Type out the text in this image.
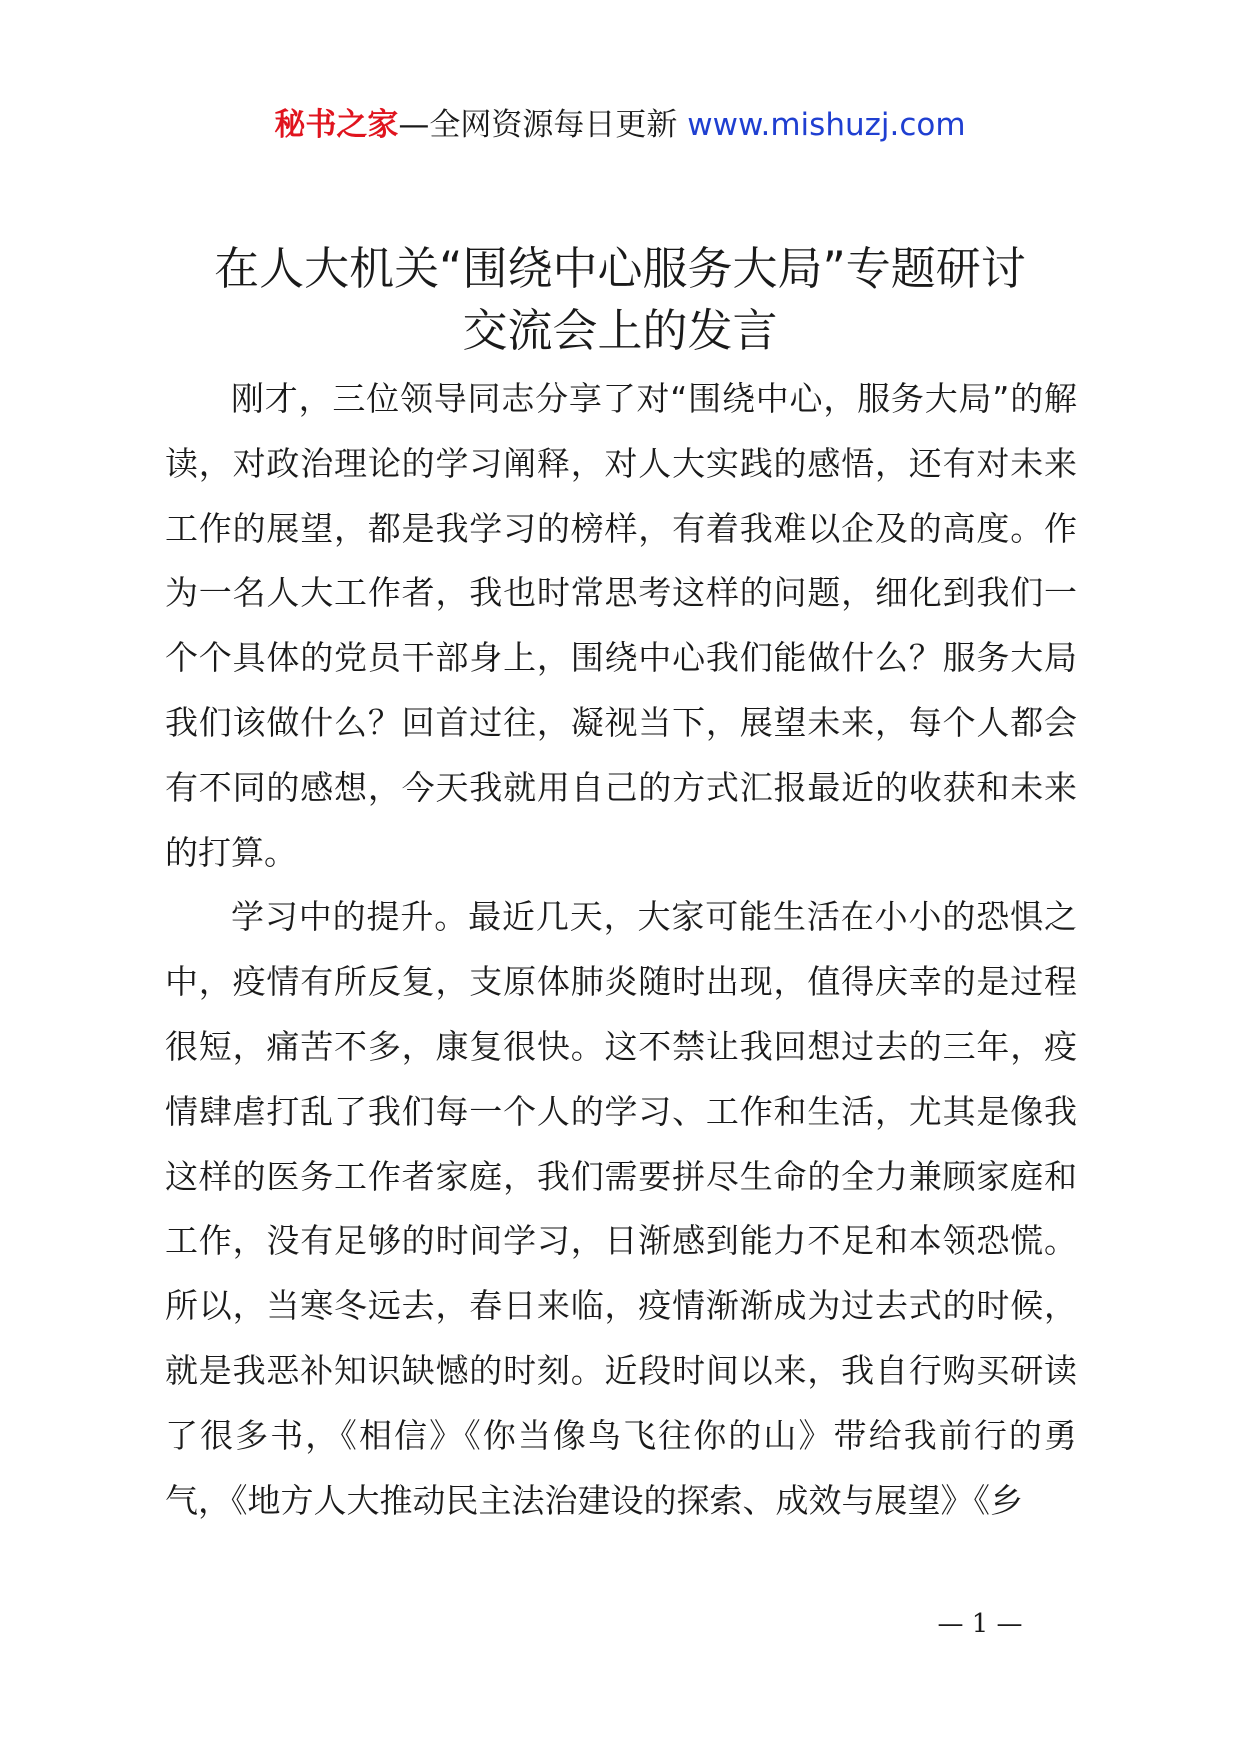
秘书之家—全网资源每日更新 www.mishuzj.com
在人大机关“围绕中心服务大局”专题研讨
交流会上的发言

刚才，三位领导同志分享了对“围绕中心，服务大局”的解读，对政治理论的学习阐释，对人大实践的感悟，还有对未来工作的展望，都是我学习的榜样，有着我难以企及的高度。作为一名人大工作者，我也时常思考这样的问题，细化到我们一个个具体的党员干部身上，围绕中心我们能做什么？服务大局我们该做什么？回首过往，凝视当下，展望未来，每个人都会有不同的感想，今天我就用自己的方式汇报最近的收获和未来的打算。

学习中的提升。最近几天，大家可能生活在小小的恐惧之中，疫情有所反复，支原体肺炎随时出现，值得庆幸的是过程很短，痛苦不多，康复很快。这不禁让我回想过去的三年，疫情肆虐打乱了我们每一个人的学习、工作和生活，尤其是像我这样的医务工作者家庭，我们需要拼尽生命的全力兼顾家庭和工作，没有足够的时间学习，日渐感到能力不足和本领恐慌。所以，当寒冬远去，春日来临，疫情渐渐成为过去式的时候，就是我恶补知识缺憾的时刻。近段时间以来，我自行购买研读了很多书，《相信》《你当像鸟飞往你的山》带给我前行的勇气，《地方人大推动民主法治建设的探索、成效与展望》《乡

— 1 —
